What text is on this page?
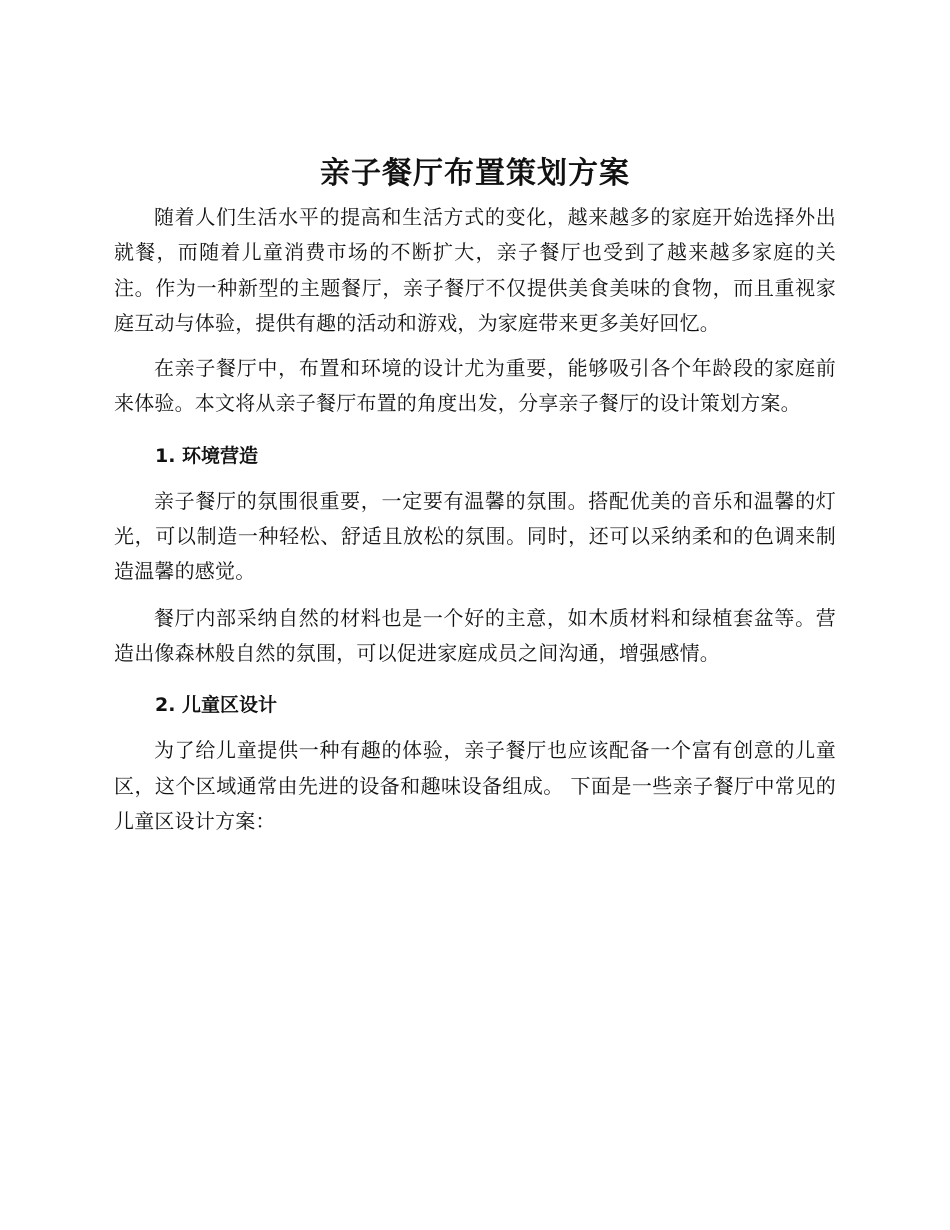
亲子餐厅布置策划方案

随着人们生活水平的提高和生活方式的变化，越来越多的家庭开始选择外出就餐，而随着儿童消费市场的不断扩大，亲子餐厅也受到了越来越多家庭的关注。作为一种新型的主题餐厅，亲子餐厅不仅提供美食美味的食物，而且重视家庭互动与体验，提供有趣的活动和游戏，为家庭带来更多美好回忆。

在亲子餐厅中，布置和环境的设计尤为重要，能够吸引各个年龄段的家庭前来体验。本文将从亲子餐厅布置的角度出发，分享亲子餐厅的设计策划方案。

1. 环境营造

亲子餐厅的氛围很重要，一定要有温馨的氛围。搭配优美的音乐和温馨的灯光，可以制造一种轻松、舒适且放松的氛围。同时，还可以采纳柔和的色调来制造温馨的感觉。

餐厅内部采纳自然的材料也是一个好的主意，如木质材料和绿植套盆等。营造出像森林般自然的氛围，可以促进家庭成员之间沟通，增强感情。

2. 儿童区设计

为了给儿童提供一种有趣的体验，亲子餐厅也应该配备一个富有创意的儿童区，这个区域通常由先进的设备和趣味设备组成。 下面是一些亲子餐厅中常见的儿童区设计方案：
